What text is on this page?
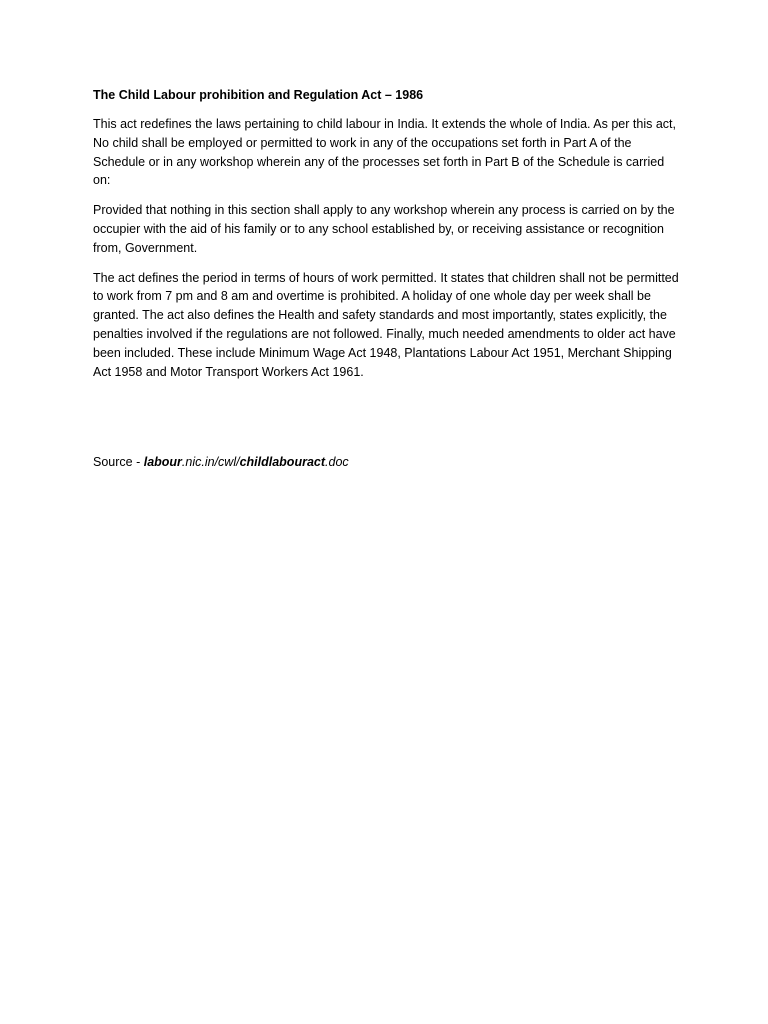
The Child Labour prohibition and Regulation Act – 1986

This act redefines the laws pertaining to child labour in India. It extends the whole of India. As per this act, No child shall be employed or permitted to work in any of the occupations set forth in Part A of the Schedule or in any workshop wherein any of the processes set forth in Part B of the Schedule is carried on:

Provided that nothing in this section shall apply to any workshop wherein any process is carried on by the occupier with the aid of his family or to any school established by, or receiving assistance or recognition from, Government.

The act defines the period in terms of hours of work permitted. It states that children shall not be permitted to work from 7 pm and 8 am and overtime is prohibited. A holiday of one whole day per week shall be granted. The act also defines the Health and safety standards and most importantly, states explicitly, the penalties involved if the regulations are not followed. Finally, much needed amendments to older act have been included. These include Minimum Wage Act 1948, Plantations Labour Act 1951, Merchant Shipping Act 1958 and Motor Transport Workers Act 1961.

Source - labour.nic.in/cwl/childlabouract.doc
